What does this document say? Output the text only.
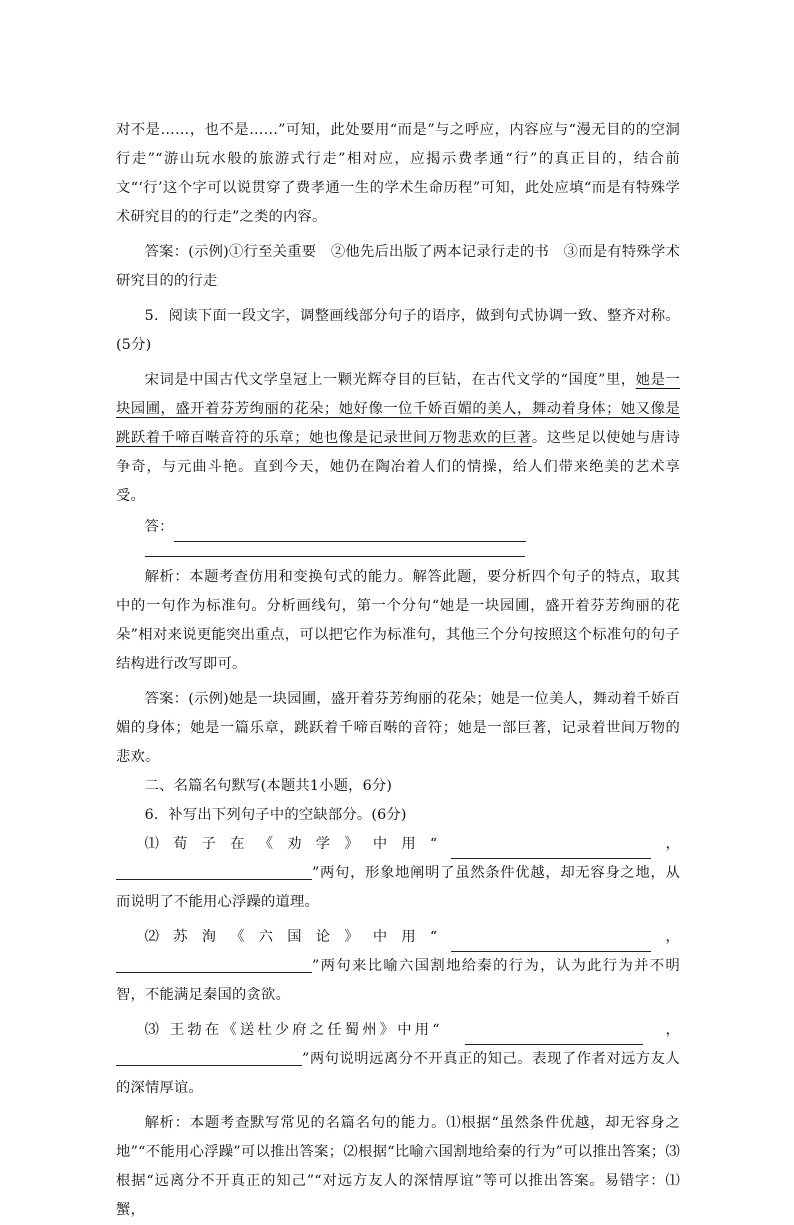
对不是……，也不是……”可知，此处要用“而是”与之呼应，内容应与“漫无目的的空洞行走”“游山玩水般的旅游式行走”相对应，应揭示费孝通“行”的真正目的，结合前文“‘行’这个字可以说贯穿了费孝通一生的学术生命历程”可知，此处应填“而是有特殊学术研究目的的行走”之类的内容。

答案：(示例)①行至关重要　②他先后出版了两本记录行走的书　③而是有特殊学术研究目的的行走

5．阅读下面一段文字，调整画线部分句子的语序，做到句式协调一致、整齐对称。(5分)

宋词是中国古代文学皇冠上一颗光辉夺目的巨钻，在古代文学的“国度”里，她是一块园圃，盛开着芬芳绚丽的花朵；她好像一位千娇百媚的美人，舞动着身体；她又像是跳跃着千啼百啭音符的乐章；她也像是记录世间万物悲欢的巨著。这些足以使她与唐诗争奇，与元曲斗艳。直到今天，她仍在陶冶着人们的情操，给人们带来绝美的艺术享受。

答：

解析：本题考查仿用和变换句式的能力。解答此题，要分析四个句子的特点，取其中的一句作为标准句。分析画线句，第一个分句“她是一块园圃，盛开着芬芳绚丽的花朵”相对来说更能突出重点，可以把它作为标准句，其他三个分句按照这个标准句的句子结构进行改写即可。

答案：(示例)她是一块园圃，盛开着芬芳绚丽的花朵；她是一位美人，舞动着千娇百媚的身体；她是一篇乐章，跳跃着千啼百啭的音符；她是一部巨著，记录着世间万物的悲欢。

二、名篇名句默写(本题共1小题，6分)

6．补写出下列句子中的空缺部分。(6分)

⑴ 荀 子 在 《 劝 学 》 中 用 “	，

”两句，形象地阐明了虽然条件优越，却无容身之地，从而说明了不能用心浮躁的道理。

⑵ 苏 洵 《 六 国 论 》 中 用 “	，

”两句来比喻六国割地给秦的行为，认为此行为并不明智，不能满足秦国的贪欲。

⑶ 王勃在《送杜少府之任蜀州》中用“	，

”两句说明远离分不开真正的知己。表现了作者对远方友人的深情厚谊。

解析：本题考查默写常见的名篇名句的能力。⑴根据“虽然条件优越，却无容身之地”“不能用心浮躁”可以推出答案；⑵根据“比喻六国割地给秦的行为”可以推出答案；⑶根据“远离分不开真正的知己”“对远方友人的深情厚谊”等可以推出答案。易错字：⑴蟹，
